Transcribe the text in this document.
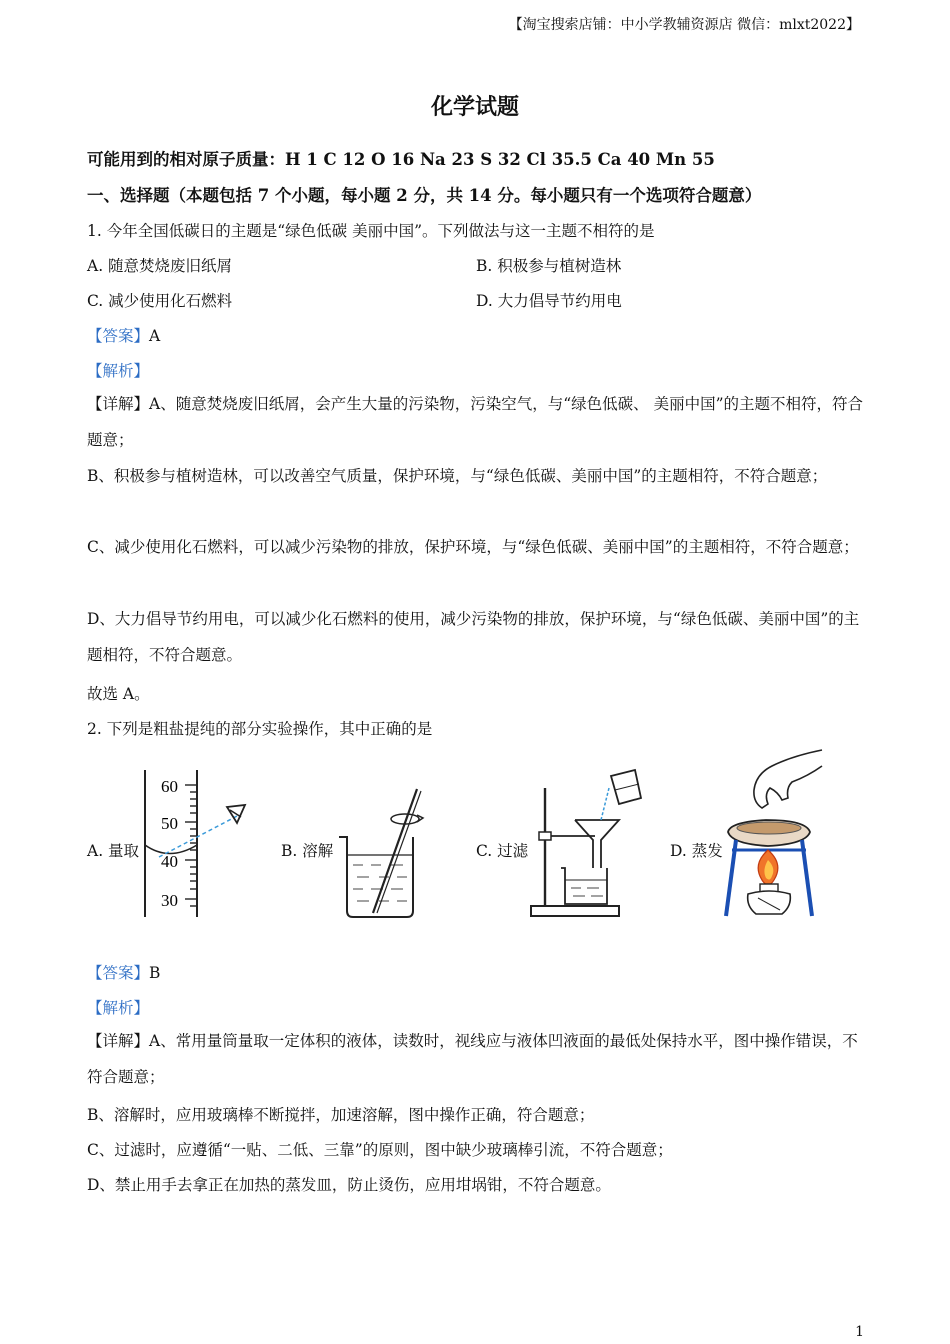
【淘宝搜索店铺：中小学教辅资源店 微信：mlxt2022】
化学试题
可能用到的相对原子质量：H 1 C 12 O 16 Na 23 S 32 Cl 35.5 Ca 40 Mn 55
一、选择题（本题包括 7 个小题，每小题 2 分，共 14 分。每小题只有一个选项符合题意）
1. 今年全国低碳日的主题是“绿色低碳 美丽中国”。下列做法与这一主题不相符的是
A. 随意焚烧废旧纸屑	B. 积极参与植树造林
C. 减少使用化石燃料	D. 大力倡导节约用电
【答案】A
【解析】
【详解】A、随意焚烧废旧纸屑，会产生大量的污染物，污染空气，与“绿色低碳、 美丽中国”的主题不相符，符合题意；
B、积极参与植树造林，可以改善空气质量，保护环境，与“绿色低碳、美丽中国”的主题相符，不符合题意；
C、减少使用化石燃料，可以减少污染物的排放，保护环境，与“绿色低碳、美丽中国”的主题相符，不符合题意；
D、大力倡导节约用电，可以减少化石燃料的使用，减少污染物的排放，保护环境，与“绿色低碳、美丽中国”的主题相符，不符合题意。
故选 A。
2. 下列是粗盐提纯的部分实验操作，其中正确的是
A. 量取
60
50
40
30
B. 溶解	C. 过滤	D. 蒸发
【答案】B
【解析】
【详解】A、常用量筒量取一定体积的液体，读数时，视线应与液体凹液面的最低处保持水平，图中操作错误，不符合题意；
B、溶解时，应用玻璃棒不断搅拌，加速溶解，图中操作正确，符合题意；
C、过滤时，应遵循“一贴、二低、三靠”的原则，图中缺少玻璃棒引流，不符合题意；
D、禁止用手去拿正在加热的蒸发皿，防止烫伤，应用坩埚钳，不符合题意。
1
